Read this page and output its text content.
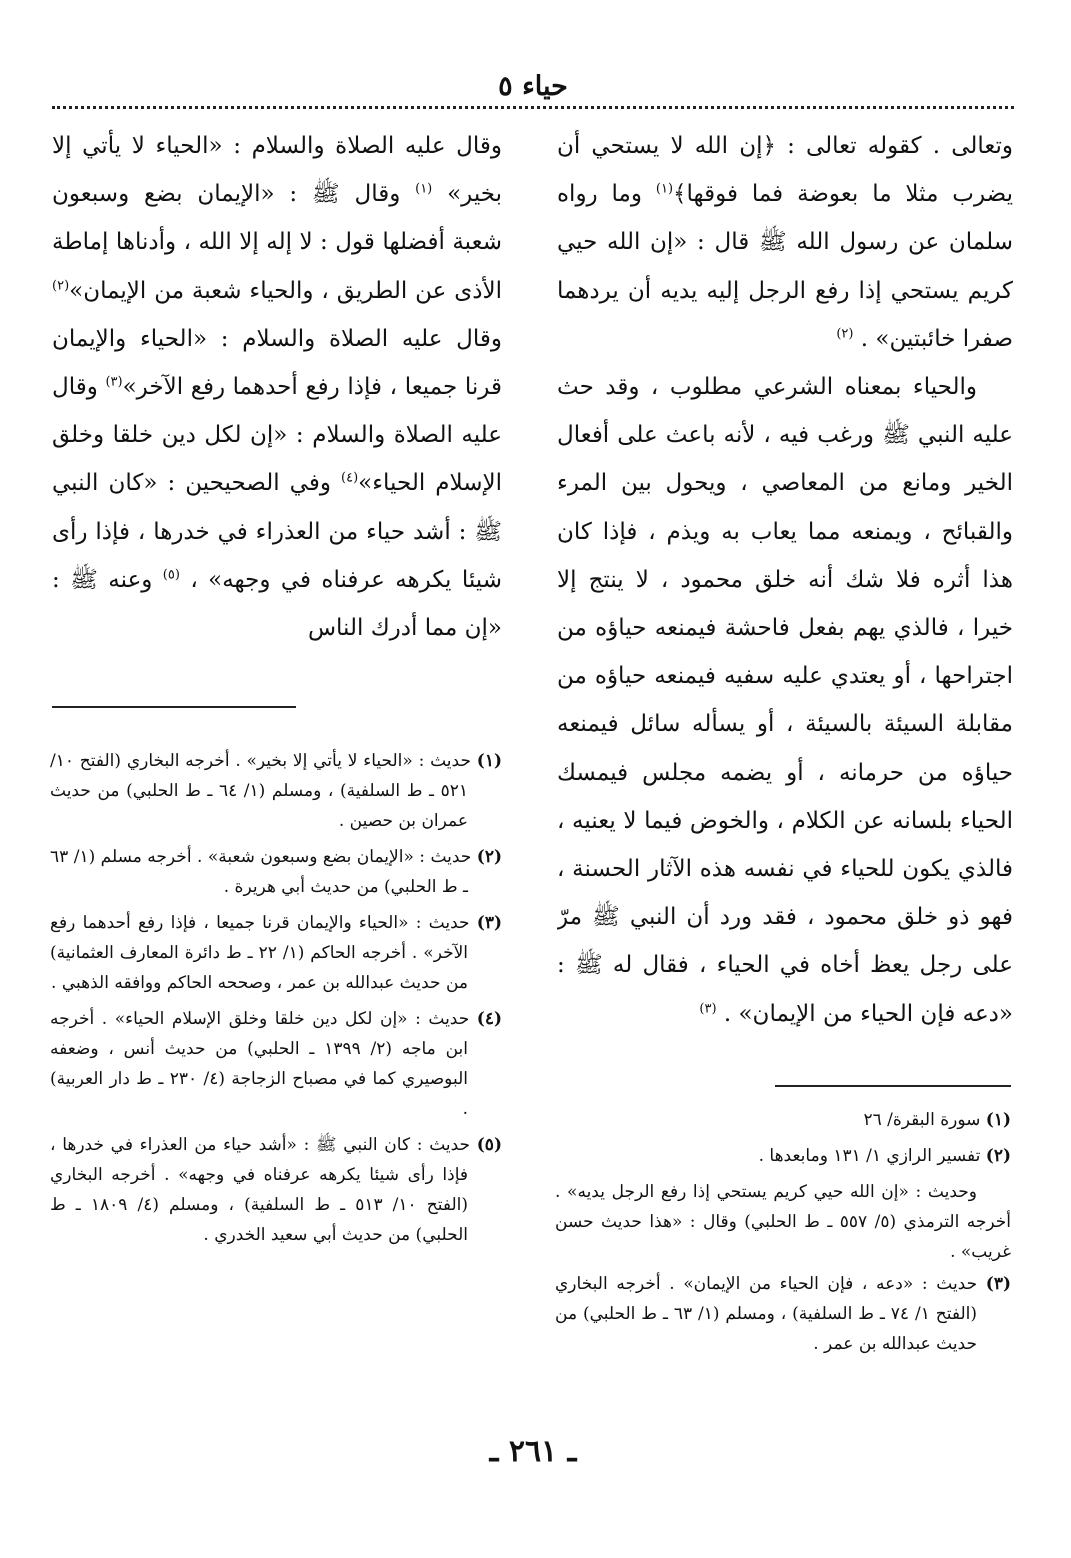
حياء ٥

وتعالى . كقوله تعالى : ﴿إن الله لا يستحي أن يضرب مثلا ما بعوضة فما فوقها﴾$^{(١)}$ وما رواه سلمان عن رسول الله ﷺ قال : «إن الله حيي كريم يستحي إذا رفع الرجل إليه يديه أن يردهما صفرا خائبتين» . $^{(٢)}$

والحياء بمعناه الشرعي مطلوب ، وقد حث عليه النبي ﷺ ورغب فيه ، لأنه باعث على أفعال الخير ومانع من المعاصي ، ويحول بين المرء والقبائح ، ويمنعه مما يعاب به ويذم ، فإذا كان هذا أثره فلا شك أنه خلق محمود ، لا ينتج إلا خيرا ، فالذي يهم بفعل فاحشة فيمنعه حياؤه من اجتراحها ، أو يعتدي عليه سفيه فيمنعه حياؤه من مقابلة السيئة بالسيئة ، أو يسأله سائل فيمنعه حياؤه من حرمانه ، أو يضمه مجلس فيمسك الحياء بلسانه عن الكلام ، والخوض فيما لا يعنيه ، فالذي يكون للحياء في نفسه هذه الآثار الحسنة ، فهو ذو خلق محمود ، فقد ورد أن النبي ﷺ مرّ على رجل يعظ أخاه في الحياء ، فقال له ﷺ : «دعه فإن الحياء من الإيمان» . $^{(٣)}$

وقال عليه الصلاة والسلام : «الحياء لا يأتي إلا بخير» $^{(١)}$ وقال ﷺ : «الإيمان بضع وسبعون شعبة أفضلها قول : لا إله إلا الله ، وأدناها إماطة الأذى عن الطريق ، والحياء شعبة من الإيمان»$^{(٢)}$ وقال عليه الصلاة والسلام : «الحياء والإيمان قرنا جميعا ، فإذا رفع أحدهما رفع الآخر»$^{(٣)}$ وقال عليه الصلاة والسلام : «إن لكل دين خلقا وخلق الإسلام الحياء»$^{(٤)}$ وفي الصحيحين : «كان النبي ﷺ : أشد حياء من العذراء في خدرها ، فإذا رأى شيئا يكرهه عرفناه في وجهه» ، $^{(٥)}$ وعنه ﷺ : «إن مما أدرك الناس

(١) حديث : «الحياء لا يأتي إلا بخير» . أخرجه البخاري (الفتح ١٠/ ٥٢١ ـ ط السلفية) ، ومسلم (١/ ٦٤ ـ ط الحلبي) من حديث عمران بن حصين .

(٢) حديث : «الإيمان بضع وسبعون شعبة» . أخرجه مسلم (١/ ٦٣ ـ ط الحلبي) من حديث أبي هريرة .

(٣) حديث : «الحياء والإيمان قرنا جميعا ، فإذا رفع أحدهما رفع الآخر» . أخرجه الحاكم (١/ ٢٢ ـ ط دائرة المعارف العثمانية) من حديث عبدالله بن عمر ، وصححه الحاكم ووافقه الذهبي .

(٤) حديث : «إن لكل دين خلقا وخلق الإسلام الحياء» . أخرجه ابن ماجه (٢/ ١٣٩٩ ـ الحلبي) من حديث أنس ، وضعفه البوصيري كما في مصباح الزجاجة (٤/ ٢٣٠ ـ ط دار العربية) .

(٥) حديث : كان النبي ﷺ : «أشد حياء من العذراء في خدرها ، فإذا رأى شيئا يكرهه عرفناه في وجهه» . أخرجه البخاري (الفتح ١٠/ ٥١٣ ـ ط السلفية) ، ومسلم (٤/ ١٨٠٩ ـ ط الحلبي) من حديث أبي سعيد الخدري .

(١) سورة البقرة/ ٢٦

(٢) تفسير الرازي ١/ ١٣١ ومابعدها .

وحديث : «إن الله حيي كريم يستحي إذا رفع الرجل يديه» . أخرجه الترمذي (٥/ ٥٥٧ ـ ط الحلبي) وقال : «هذا حديث حسن غريب» .

(٣) حديث : «دعه ، فإن الحياء من الإيمان» . أخرجه البخاري (الفتح ١/ ٧٤ ـ ط السلفية) ، ومسلم (١/ ٦٣ ـ ط الحلبي) من حديث عبدالله بن عمر .

ـ ٢٦١ ـ
